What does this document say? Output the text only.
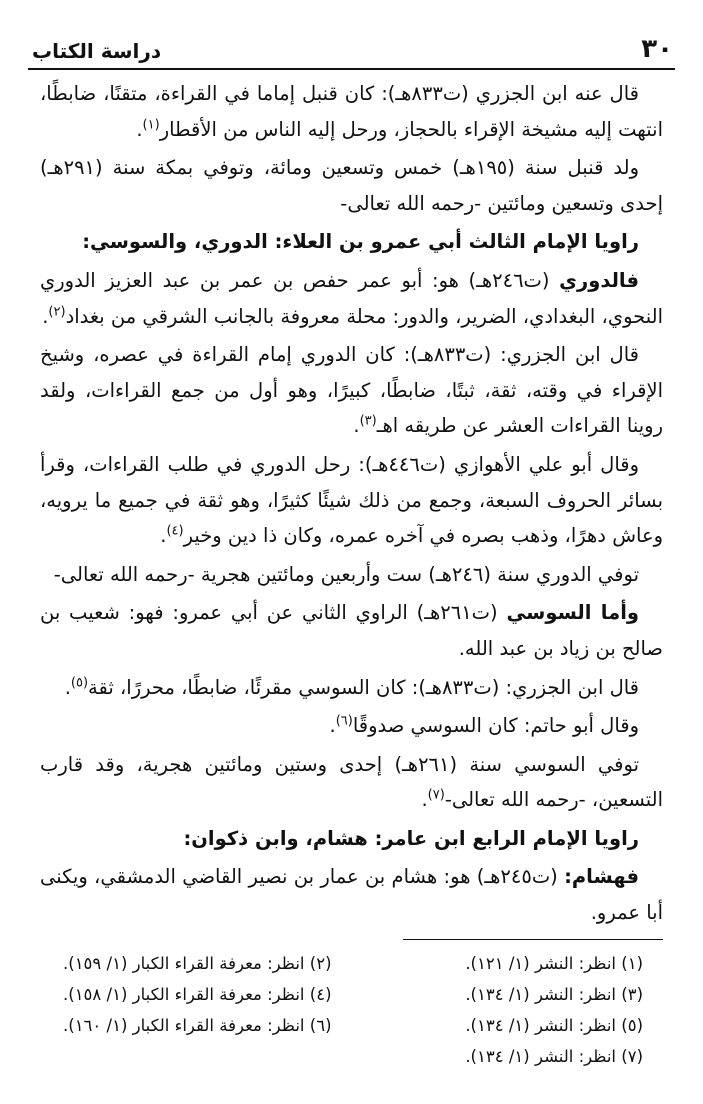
٣٠
دراسة الكتاب

قال عنه ابن الجزري (ت٨٣٣هـ): كان قنبل إماما في القراءة، متقنًا، ضابطًا، انتهت إليه مشيخة الإقراء بالحجاز، ورحل إليه الناس من الأقطار$^{(١)}$.

ولد قنبل سنة (١٩٥هـ) خمس وتسعين ومائة، وتوفي بمكة سنة (٢٩١هـ) إحدى وتسعين ومائتين -رحمه الله تعالى-

راويا الإمام الثالث أبي عمرو بن العلاء: الدوري، والسوسي:

فالدوري (ت٢٤٦هـ) هو: أبو عمر حفص بن عمر بن عبد العزيز الدوري النحوي، البغدادي، الضرير، والدور: محلة معروفة بالجانب الشرقي من بغداد$^{(٢)}$.

قال ابن الجزري: (ت٨٣٣هـ): كان الدوري إمام القراءة في عصره، وشيخ الإقراء في وقته، ثقة، ثبتًا، ضابطًا، كبيرًا، وهو أول من جمع القراءات، ولقد روينا القراءات العشر عن طريقه اهـ$^{(٣)}$.

وقال أبو علي الأهوازي (ت٤٤٦هـ): رحل الدوري في طلب القراءات، وقرأ بسائر الحروف السبعة، وجمع من ذلك شيئًا كثيرًا، وهو ثقة في جميع ما يرويه، وعاش دهرًا، وذهب بصره في آخره عمره، وكان ذا دين وخير$^{(٤)}$.

توفي الدوري سنة (٢٤٦هـ) ست وأربعين ومائتين هجرية -رحمه الله تعالى-

وأما السوسي (ت٢٦١هـ) الراوي الثاني عن أبي عمرو: فهو: شعيب بن صالح بن زياد بن عبد الله.

قال ابن الجزري: (ت٨٣٣هـ): كان السوسي مقرئًا، ضابطًا، محررًا، ثقة$^{(٥)}$.

وقال أبو حاتم: كان السوسي صدوقًا$^{(٦)}$.

توفي السوسي سنة (٢٦١هـ) إحدى وستين ومائتين هجرية، وقد قارب التسعين، -رحمه الله تعالى-$^{(٧)}$.

راويا الإمام الرابع ابن عامر: هشام، وابن ذكوان:

فهشام: (ت٢٤٥هـ) هو: هشام بن عمار بن نصير القاضي الدمشقي، ويكنى أبا عمرو.

(١) انظر: النشر (١/ ١٢١).
(٢) انظر: معرفة القراء الكبار (١/ ١٥٩).
(٣) انظر: النشر (١/ ١٣٤).
(٤) انظر: معرفة القراء الكبار (١/ ١٥٨).
(٥) انظر: النشر (١/ ١٣٤).
(٦) انظر: معرفة القراء الكبار (١/ ١٦٠).
(٧) انظر: النشر (١/ ١٣٤).
